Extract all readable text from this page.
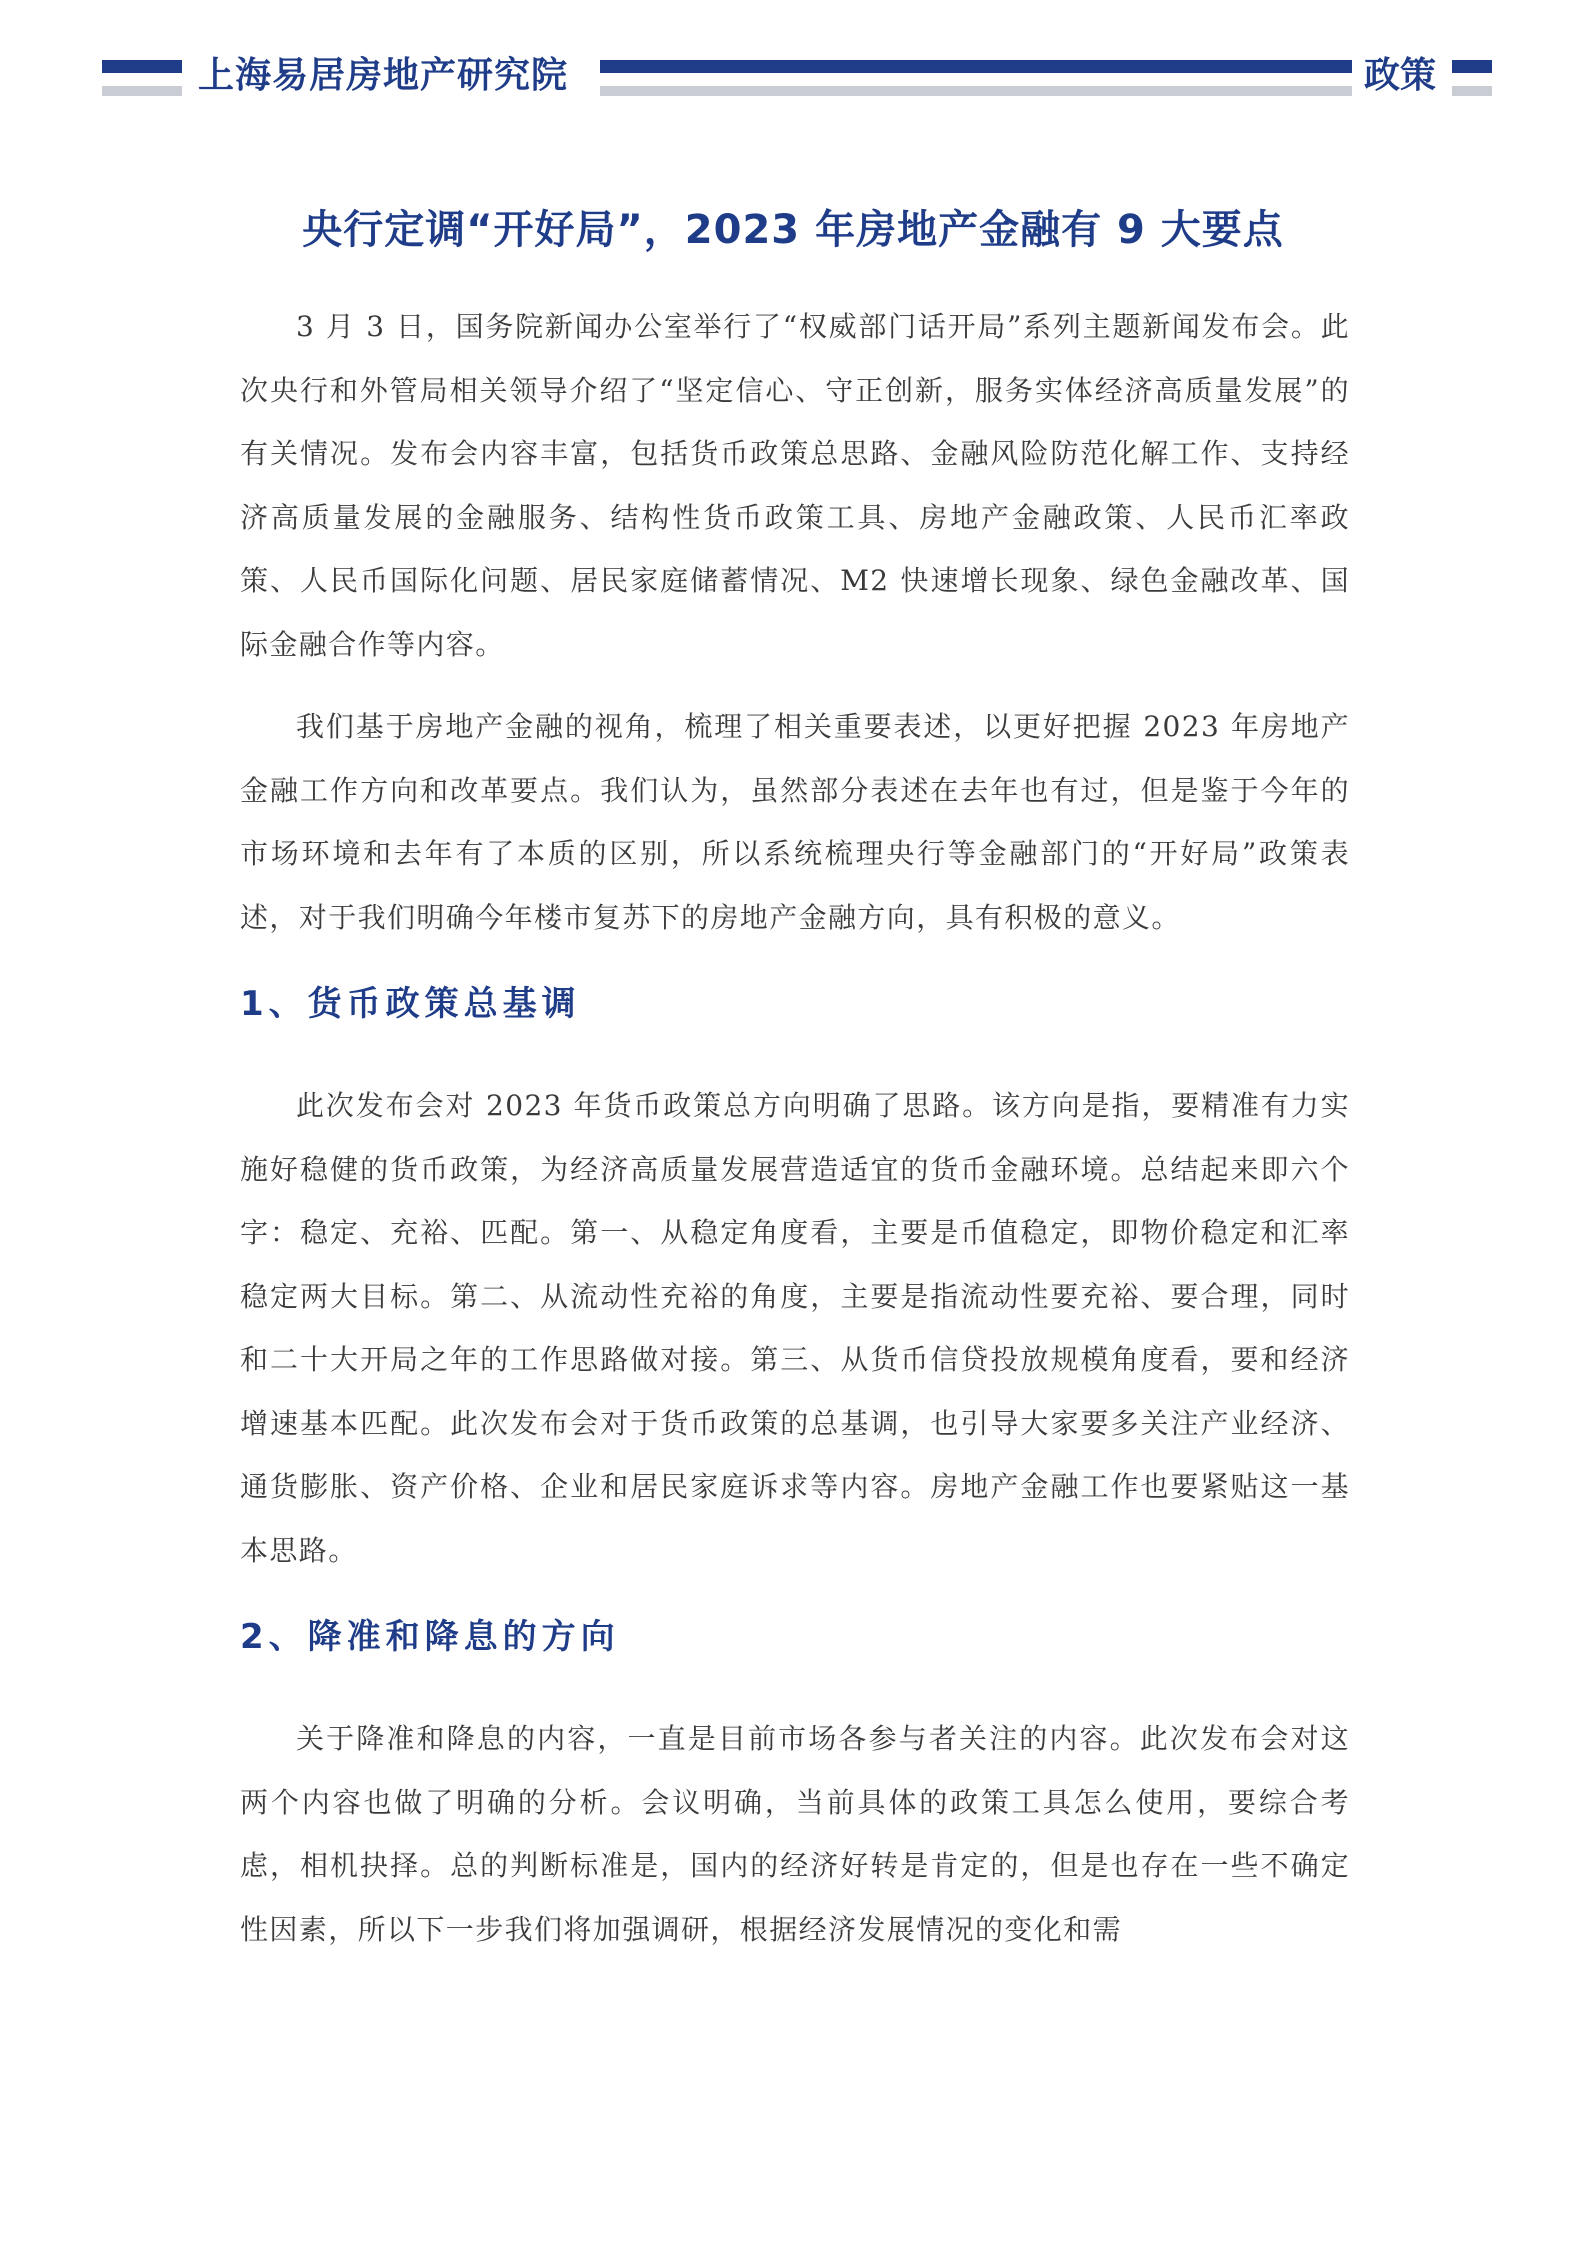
上海易居房地产研究院	政策
央行定调“开好局”，2023 年房地产金融有 9 大要点

3 月 3 日，国务院新闻办公室举行了“权威部门话开局”系列主题新闻发布会。此次央行和外管局相关领导介绍了“坚定信心、守正创新，服务实体经济高质量发展”的有关情况。发布会内容丰富，包括货币政策总思路、金融风险防范化解工作、支持经济高质量发展的金融服务、结构性货币政策工具、房地产金融政策、人民币汇率政策、人民币国际化问题、居民家庭储蓄情况、M2 快速增长现象、绿色金融改革、国际金融合作等内容。

我们基于房地产金融的视角，梳理了相关重要表述，以更好把握 2023 年房地产金融工作方向和改革要点。我们认为，虽然部分表述在去年也有过，但是鉴于今年的市场环境和去年有了本质的区别，所以系统梳理央行等金融部门的“开好局”政策表述，对于我们明确今年楼市复苏下的房地产金融方向，具有积极的意义。

1、货币政策总基调

此次发布会对 2023 年货币政策总方向明确了思路。该方向是指，要精准有力实施好稳健的货币政策，为经济高质量发展营造适宜的货币金融环境。总结起来即六个字：稳定、充裕、匹配。第一、从稳定角度看，主要是币值稳定，即物价稳定和汇率稳定两大目标。第二、从流动性充裕的角度，主要是指流动性要充裕、要合理，同时和二十大开局之年的工作思路做对接。第三、从货币信贷投放规模角度看，要和经济增速基本匹配。此次发布会对于货币政策的总基调，也引导大家要多关注产业经济、通货膨胀、资产价格、企业和居民家庭诉求等内容。房地产金融工作也要紧贴这一基本思路。

2、降准和降息的方向

关于降准和降息的内容，一直是目前市场各参与者关注的内容。此次发布会对这两个内容也做了明确的分析。会议明确，当前具体的政策工具怎么使用，要综合考虑，相机抉择。总的判断标准是，国内的经济好转是肯定的，但是也存在一些不确定性因素，所以下一步我们将加强调研，根据经济发展情况的变化和需
